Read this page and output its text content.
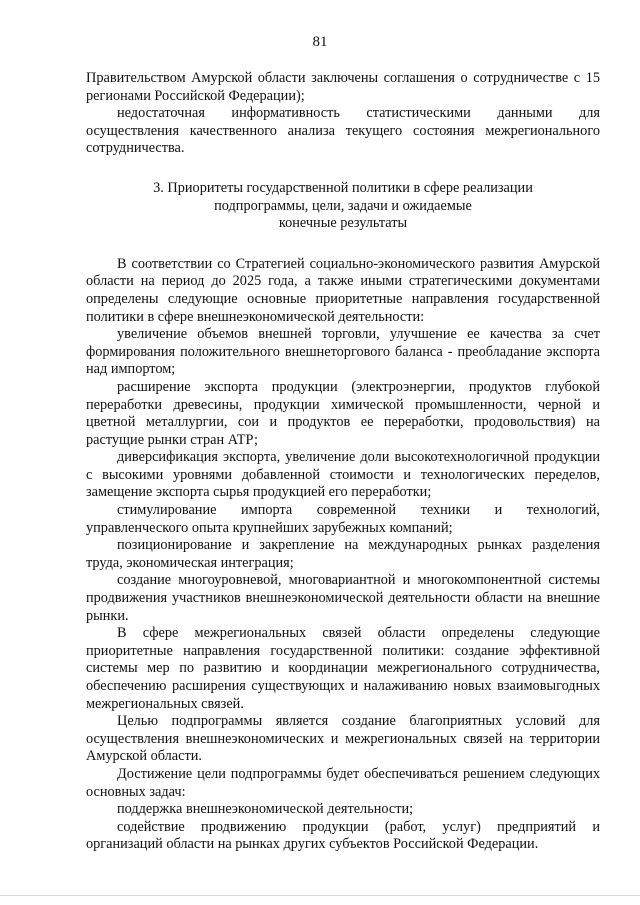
81

Правительством Амурской области заключены соглашения о сотрудничестве с 15 регионами Российской Федерации);

недостаточная информативность статистическими данными для осуществления качественного анализа текущего состояния межрегионального сотрудничества.

3. Приоритеты государственной политики в сфере реализации
подпрограммы, цели, задачи и ожидаемые
конечные результаты

В соответствии со Стратегией социально-экономического развития Амурской области на период до 2025 года, а также иными стратегическими документами определены следующие основные приоритетные направления государственной политики в сфере внешнеэкономической деятельности:

увеличение объемов внешней торговли, улучшение ее качества за счет формирования положительного внешнеторгового баланса - преобладание экспорта над импортом;

расширение экспорта продукции (электроэнергии, продуктов глубокой переработки древесины, продукции химической промышленности, черной и цветной металлургии, сои и продуктов ее переработки, продовольствия) на растущие рынки стран АТР;

диверсификация экспорта, увеличение доли высокотехнологичной продукции с высокими уровнями добавленной стоимости и технологических переделов, замещение экспорта сырья продукцией его переработки;

стимулирование импорта современной техники и технологий, управленческого опыта крупнейших зарубежных компаний;

позиционирование и закрепление на международных рынках разделения труда, экономическая интеграция;

создание многоуровневой, многовариантной и многокомпонентной системы продвижения участников внешнеэкономической деятельности области на внешние рынки.

В сфере межрегиональных связей области определены следующие приоритетные направления государственной политики: создание эффективной системы мер по развитию и координации межрегионального сотрудничества, обеспечению расширения существующих и налаживанию новых взаимовыгодных межрегиональных связей.

Целью подпрограммы является создание благоприятных условий для осуществления внешнеэкономических и межрегиональных связей на территории Амурской области.

Достижение цели подпрограммы будет обеспечиваться решением следующих основных задач:

поддержка внешнеэкономической деятельности;

содействие продвижению продукции (работ, услуг) предприятий и организаций области на рынках других субъектов Российской Федерации.
